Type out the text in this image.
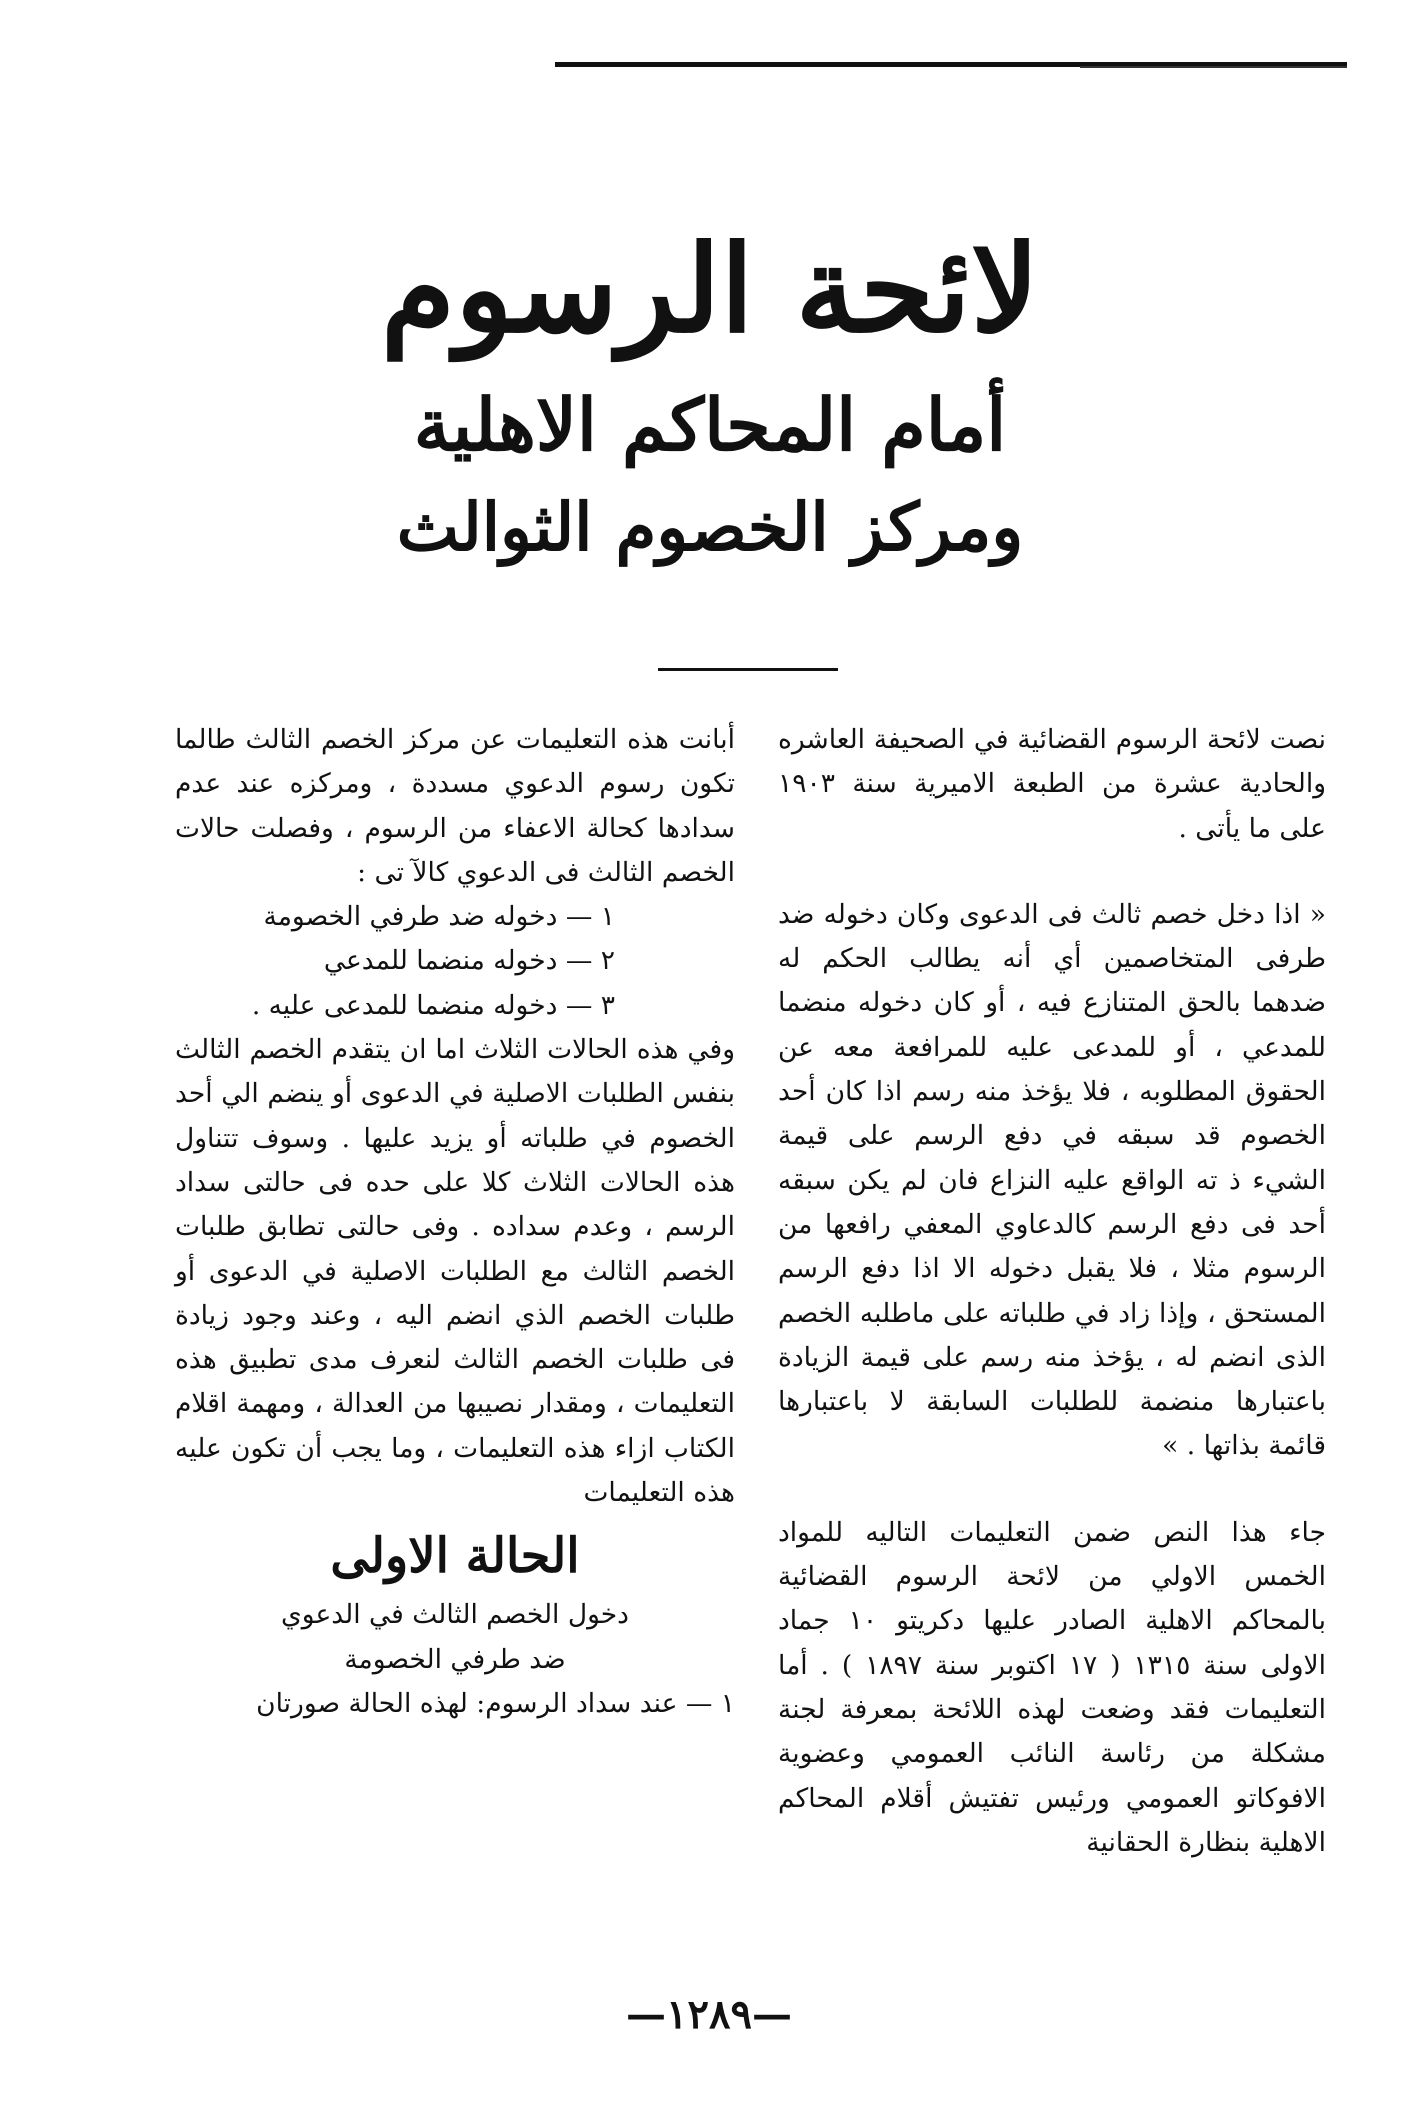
لائحة الرسوم
أمام المحاكم الاهلية
ومركز الخصوم الثوالث

نصت لائحة الرسوم القضائية في الصحيفة العاشره والحادية عشرة من الطبعة الاميرية سنة ١٩٠٣ على ما يأتى .

« اذا دخل خصم ثالث فى الدعوى وكان دخوله ضد طرفى المتخاصمين أي أنه يطالب الحكم له ضدهما بالحق المتنازع فيه ، أو كان دخوله منضما للمدعي ، أو للمدعى عليه للمرافعة معه عن الحقوق المطلوبه ، فلا يؤخذ منه رسم اذا كان أحد الخصوم قد سبقه في دفع الرسم على قيمة الشيء ذ ته الواقع عليه النزاع فان لم يكن سبقه أحد فى دفع الرسم كالدعاوي المعفي رافعها من الرسوم مثلا ، فلا يقبل دخوله الا اذا دفع الرسم المستحق ، وإذا زاد في طلباته على ماطلبه الخصم الذى انضم له ، يؤخذ منه رسم على قيمة الزيادة باعتبارها منضمة للطلبات السابقة لا باعتبارها قائمة بذاتها . »

جاء هذا النص ضمن التعليمات التاليه للمواد الخمس الاولي من لائحة الرسوم القضائية بالمحاكم الاهلية الصادر عليها دكريتو ١٠ جماد الاولى سنة ١٣١٥ ( ١٧ اكتوبر سنة ١٨٩٧ ) . أما التعليمات فقد وضعت لهذه اللائحة بمعرفة لجنة مشكلة من رئاسة النائب العمومي وعضوية الافوكاتو العمومي ورئيس تفتيش أقلام المحاكم الاهلية بنظارة الحقانية

أبانت هذه التعليمات عن مركز الخصم الثالث طالما تكون رسوم الدعوي مسددة ، ومركزه عند عدم سدادها كحالة الاعفاء من الرسوم ، وفصلت حالات الخصم الثالث فى الدعوي كالآ تى :

١ — دخوله ضد طرفي الخصومة

٢ — دخوله منضما للمدعي

٣ — دخوله منضما للمدعى عليه .

وفي هذه الحالات الثلاث اما ان يتقدم الخصم الثالث بنفس الطلبات الاصلية في الدعوى أو ينضم الي أحد الخصوم في طلباته أو يزيد عليها . وسوف تتناول هذه الحالات الثلاث كلا على حده فى حالتى سداد الرسم ، وعدم سداده . وفى حالتى تطابق طلبات الخصم الثالث مع الطلبات الاصلية في الدعوى أو طلبات الخصم الذي انضم اليه ، وعند وجود زيادة فى طلبات الخصم الثالث لنعرف مدى تطبيق هذه التعليمات ، ومقدار نصيبها من العدالة ، ومهمة اقلام الكتاب ازاء هذه التعليمات ، وما يجب أن تكون عليه هذه التعليمات

الحالة الاولى

دخول الخصم الثالث في الدعوي

ضد طرفي الخصومة

١ — عند سداد الرسوم: لهذه الحالة صورتان

—١٢٨٩—
